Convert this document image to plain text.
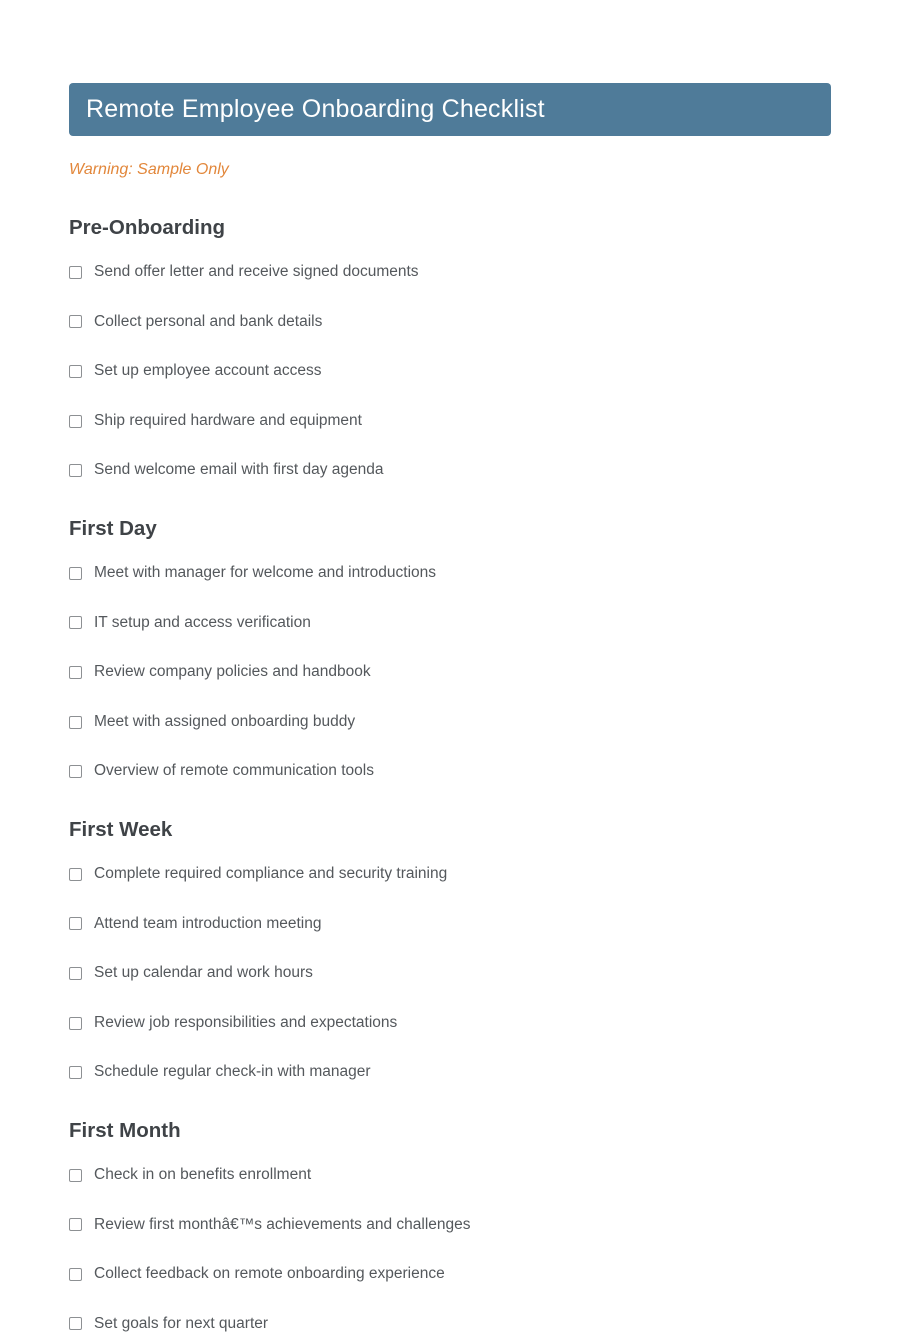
Remote Employee Onboarding Checklist
Warning: Sample Only
Pre-Onboarding
Send offer letter and receive signed documents
Collect personal and bank details
Set up employee account access
Ship required hardware and equipment
Send welcome email with first day agenda
First Day
Meet with manager for welcome and introductions
IT setup and access verification
Review company policies and handbook
Meet with assigned onboarding buddy
Overview of remote communication tools
First Week
Complete required compliance and security training
Attend team introduction meeting
Set up calendar and work hours
Review job responsibilities and expectations
Schedule regular check-in with manager
First Month
Check in on benefits enrollment
Review first monthâ€™s achievements and challenges
Collect feedback on remote onboarding experience
Set goals for next quarter
